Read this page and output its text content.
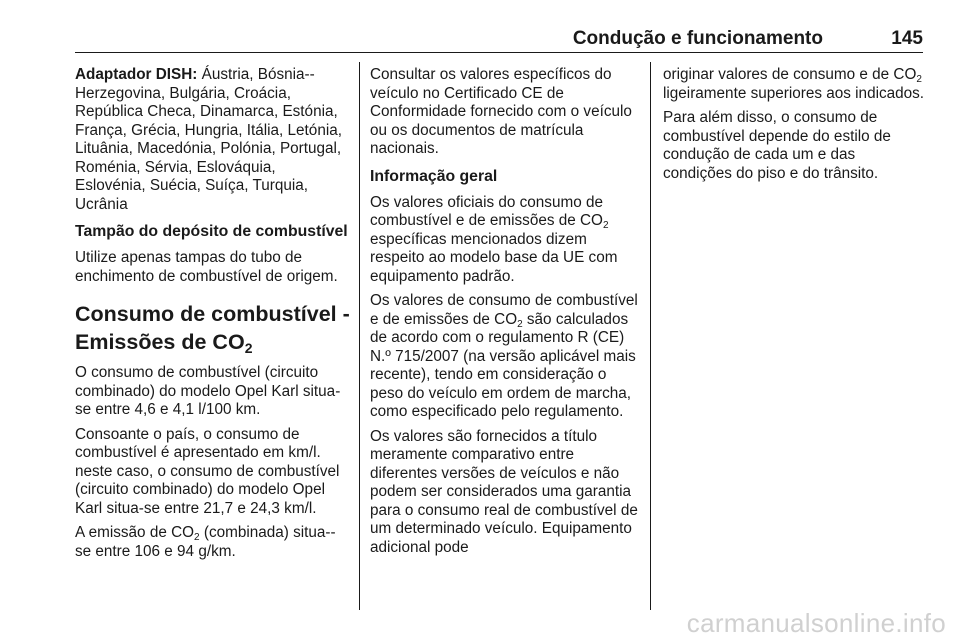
Condução e funcionamento	145

Adaptador DISH: Áustria, Bósnia--Herzegovina, Bulgária, Croácia, República Checa, Dinamarca, Estónia, França, Grécia, Hungria, Itália, Letónia, Lituânia, Macedónia, Polónia, Portugal, Roménia, Sérvia, Eslováquia, Eslovénia, Suécia, Suíça, Turquia, Ucrânia

Tampão do depósito de combustível

Utilize apenas tampas do tubo de enchimento de combustível de origem.

Consumo de combustível - Emissões de $CO_2$

O consumo de combustível (circuito combinado) do modelo Opel Karl situa-se entre 4,6 e 4,1 l/100 km.

Consoante o país, o consumo de combustível é apresentado em km/l. neste caso, o consumo de combustível (circuito combinado) do modelo Opel Karl situa-se entre 21,7 e 24,3 km/l.

A emissão de $CO_2$ (combinada) situa--se entre 106 e 94 g/km.

Consultar os valores específicos do veículo no Certificado CE de Conformidade fornecido com o veículo ou os documentos de matrícula nacionais.

Informação geral

Os valores oficiais do consumo de combustível e de emissões de $CO_2$ específicas mencionados dizem respeito ao modelo base da UE com equipamento padrão.

Os valores de consumo de combustível e de emissões de $CO_2$ são calculados de acordo com o regulamento R (CE) N.º 715/2007 (na versão aplicável mais recente), tendo em consideração o peso do veículo em ordem de marcha, como especificado pelo regulamento.

Os valores são fornecidos a título meramente comparativo entre diferentes versões de veículos e não podem ser considerados uma garantia para o consumo real de combustível de um determinado veículo. Equipamento adicional pode

originar valores de consumo e de $CO_2$ ligeiramente superiores aos indicados.

Para além disso, o consumo de combustível depende do estilo de condução de cada um e das condições do piso e do trânsito.

carmanualsonline.info
